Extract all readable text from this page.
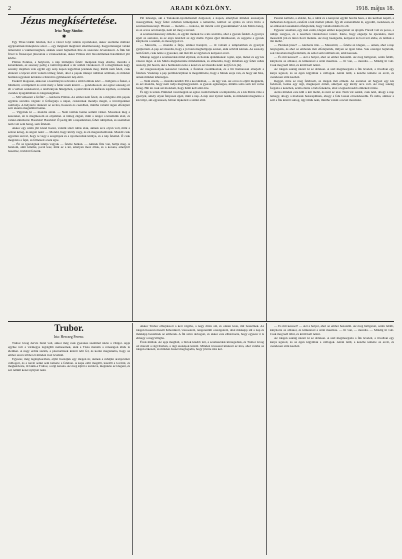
2	ARADI KÖZLÖNY.	1918. május 18.
Jézus megkísértetése.
Irta: Nagy Sándor.
✱

Egy Tiber-vidéki faluban, hol a vérrel folyt tanitás nyomdokai, akkor szelleme méltató egyiptomnak ünneplésre adod — egy mégnem meglátott alkalmatosság. Kegyetlenséget valaki ismertetni a vakmerőségben, akinek szent hajnalban hite és szeretete örvendezett. A fiúk hét fővel is főszerepet játszottak a várakozásban, akkor Pilátus élőt birodalmának hatalmából jött közbe.

Pilátus Pontius, a helytartó, a nép lármájára felelt: menjetek haza ebédre, mondta a katonáknak, az asszony pedig a tanítványokkal a tér szélén várakozott. Ő a megbízások nagy szerény idejében vele együtt egy szép napon legjobban jelennek meg. Rabbi nem felelt, csak elnézett a lépcső előtt vonuló tömeg felett, ahol a papok ünnepi ruhában sétálnak, és minden homlok ugyanazt kérdezte a húsvétra gyülekezett nép előtt.

Ezekről magasan, akkoron a kormányzó udvarán a sűrű lombok közt — hallgatta a fiakat, a bűnökről, a tömjénről és arról mely a fehér szem között — gondolkozott. Az egész sokaság ott élt a vérben szokásaival, a tanítványok hűségében, a pénzváltók és kufárok zajában, a rómaiak csendes nyugalmában és idegenségében.

— Mit vétkezett e férfiú? — kérdezte Pilátus. Az ember nem felelt, de a mögötte álló papok egymás szavába vágtak: ő felforgatja a népet, császárnak mondja magát, a törvényeinket rombolja. A helytartó ránézett az arcára, hosszan és csendben, mintha valami régen elfelejtett szót akarna megtalálni benne.

— Vigyétek ki — mondta aztán. — Nem találok benne semmi vétket. Mossátok meg a kezeteket, én is megmosom az enyéimet. A tömeg zúgott, mint a tenger a kősziklák alatt, és valaki elkiáltotta: Barabást! Barabást! Ő pedig állt a napsütésben, fehér ruhájában, és szemében nem volt sem harag, sem félelem.

Akkor egy sátán jött közel hozzá, valami sötét ruhás alak, akinek arca olyan volt, mint a száraz kéreg, és súgott neki: — Mondd, hogy király vagy, és én megszabadítalak. Mondd csak egyetlen szóval, hogy te vagy a szegények és a nyomorultak királya, és a nép felemel. Ő csak megrázta a fejét, és fölnézett a kék égre.

— Én az igazságnak tanúja vagyok — felelte halkan. — Akinek füle van, hallja meg. A hatalom, amit kínálsz, porrá lesz, mint ez a kő, amelyen most állok, és a korona, amelyről beszélsz, tövisből fonatik.

Pál felesége, aki a Tanakodó-nyomdásznál dolgozott, a napon, amelyben minden asszonyok összegyűltek, hogy fehér ruhában kimenjenek a temetőbe, kiállott az ajtóba és sírva hívta a szomszédasszonyt. Hiszen — mondta — tudod-e, mi történt a mi gyerekünkkel? A kis Mária beteg, és az orvos azt mondja, nem éri meg a tavaszt.

A szomszédasszony átölelte, és együtt mentek be a kis szobába, ahol a gyerek feküdt. A gyertya égett az asztalon, és az anya letérdelt az ágy mellé. Egész éjjel imádkozott, és reggelre a gyerek kinyitotta a szemét, és mosolygott rá.

— Marcella, — mondta a férje, amikor hazajött, — itt voltam a templomban és gyertyát gyújtottam. A pap azt mondta, hogy a jó Isten meghallgatja azokat, akik szívből kérnek. Az asszony nem felelt, csak nézte a gyereket, aki már ült az ágyban és kenyeret evett.

Másnap reggel a szomszédok mind eljöttek, és hoztak ajándékokat: tojást, tejet, mézet és egy kis vászon inget. A kis Mária megköszönte mindenkinek, és elmondta, hogy álmában egy fehér ruhás asszony jött hozzá, aki a homlokára tette a kezét és azt mondta neki: kelj fel és járj.

Az öregasszonyok keresztet vetettek, a fiatalok csodálkoztak, és a hír hamarosan elterjedt a faluban. Vasárnap a pap prédikációjában is megemlítette, hogy a hitnek ereje van, és hogy aki hisz, annak minden lehetséges.

— Nem értem, — mondta később Pál a kocsmában, — de úgy van. Az orvos is eljött megnézni, és azt mondta, hogy nem tudja megmagyarázni. A gyerek egészséges, mintha soha sem lett volna beteg. Hát én csak azt mondom, hogy hálát kell adni érte.

És úgy is tettek. Pünkösd vasárnapján az egész család kiment a templomba, és a kis Mária vitte a gyertyát, amely olyan fényesen égett, mint a nap. A nép utat nyitott nekik, és mindenki megnézte a kis lányt, aki egyenesen, bátran lépkedett a szülei előtt.

Pusztai kallódó, a ebédet, ha, a ruhát és a kenyeret együtt hordta haza, a kis kertben kapált, a méhesben dolgozott, estefelé a kút mellett pihent. Így élt esztendőkön át, egyedül, csendesen, és az emberek lassanként elfelejtették, hogy valaha máshol is élt.

Egyszer azonban, egy őszi estén, idegen ember kopogtatott az ajtaján. Fáradt volt és poros, a ruhája rongyos, és a kezében vándorbotot tartott. Kérte, hogy engedje be éjszakára, mert messziről jön és nincs hová mennie. Az öreg beengedte, kenyeret és bort tett elébe, és leültek a tűz mellé.

— Honnan jössz? — kérdezte tőle. — Messziről, — felelte az idegen, — onnan, ahol a nap lenyugszik, és ahol az emberek már elfelejtették, milyen az igazi béke. Sok országot bejártam, sok városban megfordultam, de sehol sem találtam azt, amit keresek.

— És mit keresel? — Azt a helyet, ahol az ember hazatalál. Az öreg hallgatott, aztán felállt, kinyitotta az ablakot, és kimutatott a sötét mezőkre. — Itt van, — mondta. — Mindig itt volt. Csak meg kell állni, és körül kell nézni.

Az idegen sokáig nézett ki az ablakon. A szél megmozgatta a fák leveleit, a távolban egy kutya ugatott, és az égen kigyúltak a csillagok. Aztán leült, a kezébe temette az arcát, és csendesen sírni kezdett.

Reggel, mire az öreg felébredt, az idegen már elment. Az asztalon ott hagyott egy kis fadobozt, benne egy régi, megkopott érmét, amelyen egy király arca volt. Az öreg sokáig forgatta a kezében, aztán eltette a láda fenekére, ahol a legkedvesebb emlékeit őrizte.

Azóta minden este kiül a kút mellé, és nézi az utat. Nem vár senkit, csak nézi, ahogy a nap lemegy, ahogy a madarak hazarepülnek, ahogy a falu lassan elcsendesedik. És néha, amikor a szél a fák között suttog, úgy tűnik neki, mintha valaki a nevét mondaná.

Trubor.
Irta: Herczeg Ferenc.

Trubor lovag dervis fiatal volt, akkor még csak gyerekes szemmel nézte a világot. Apja egyike volt a vármegye legrégibb nemeseinek, akik a Tisza mentén a rónaságon élték le életüket. A nagy erdők szélén, a pásztortüzek között nőtt fel, és korán megtanulta, hogy az ember szava többet ér minden írott levélnél.

Egyszer, még legénykorában, eljött hozzájuk egy idegen úr, akinek a ruháján aranyzsinór csillogott, és a nevét senki sem ismerte a faluban. A kapu előtt megállt, leszállt a lováról, és megkérdezte, itt lakik-e Trubor, a régi katona. Az öreg kijött a tornácra, megnézte az idegent, és szó nélkül kezet nyújtott neki.

Akkor Trubor elbujdosott a kert végébe, a nagy diófa alá, és onnan leste, mit beszélnek. Az idegen hosszan mesélt háborúkról, városokról, tengerentúli országokról, ahol másképp süt a nap és másképp beszélnek az emberek. A fiú szíve dobogott, és akkor este elhatározta, hogy egyszer ő is elmegy a nagyvilágba.

Évek múltak. Az apja meghalt, a birtok kisebb lett, a szomszédok kiöregedtek, és Trubor lovag ott maradt a régi házban, a régi szokások között. Minden tavasszal kinézett az útra, ahol valaha az idegen érkezett, és minden ősszel megfogadta, hogy jövőre útra kel.

— És mit keresel? — Azt a helyet, ahol az ember hazatalál. Az öreg hallgatott, aztán felállt, kinyitotta az ablakot, és kimutatott a sötét mezőkre. — Itt van, — mondta. — Mindig itt volt. Csak meg kell állni, és körül kell nézni.

Az idegen sokáig nézett ki az ablakon. A szél megmozgatta a fák leveleit, a távolban egy kutya ugatott, és az égen kigyúltak a csillagok. Aztán leült, a kezébe temette az arcát, és csendesen sírni kezdett.
